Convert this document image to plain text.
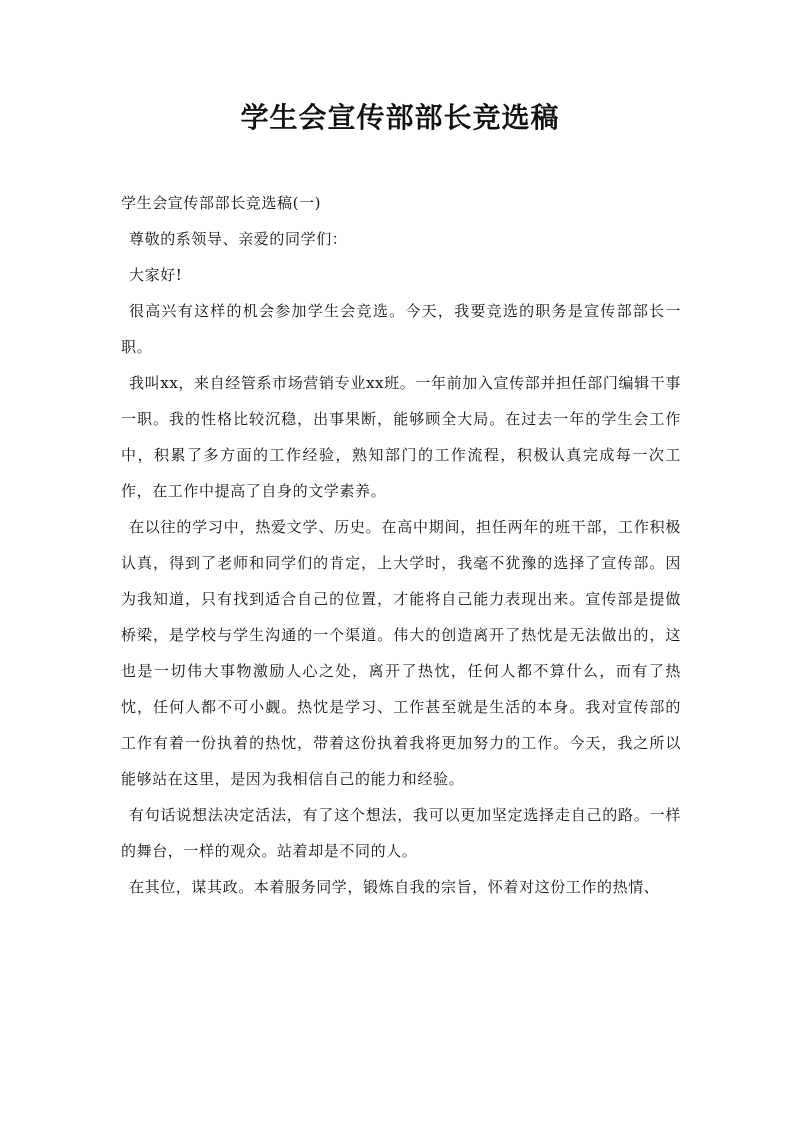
学生会宣传部部长竞选稿

学生会宣传部部长竞选稿(一)

尊敬的系领导、亲爱的同学们：

大家好!

很高兴有这样的机会参加学生会竞选。今天，我要竞选的职务是宣传部部长一职。

我叫xx，来自经管系市场营销专业xx班。一年前加入宣传部并担任部门编辑干事一职。我的性格比较沉稳，出事果断，能够顾全大局。在过去一年的学生会工作中，积累了多方面的工作经验，熟知部门的工作流程，积极认真完成每一次工作，在工作中提高了自身的文学素养。

在以往的学习中，热爱文学、历史。在高中期间，担任两年的班干部，工作积极认真，得到了老师和同学们的肯定，上大学时，我毫不犹豫的选择了宣传部。因为我知道，只有找到适合自己的位置，才能将自己能力表现出来。宣传部是提做桥梁，是学校与学生沟通的一个渠道。伟大的创造离开了热忱是无法做出的，这也是一切伟大事物激励人心之处，离开了热忱，任何人都不算什么，而有了热忱，任何人都不可小觑。热忱是学习、工作甚至就是生活的本身。我对宣传部的工作有着一份执着的热忱，带着这份执着我将更加努力的工作。今天，我之所以能够站在这里，是因为我相信自己的能力和经验。

有句话说想法决定活法，有了这个想法，我可以更加坚定选择走自己的路。一样的舞台，一样的观众。站着却是不同的人。

在其位，谋其政。本着服务同学，锻炼自我的宗旨，怀着对这份工作的热情、
